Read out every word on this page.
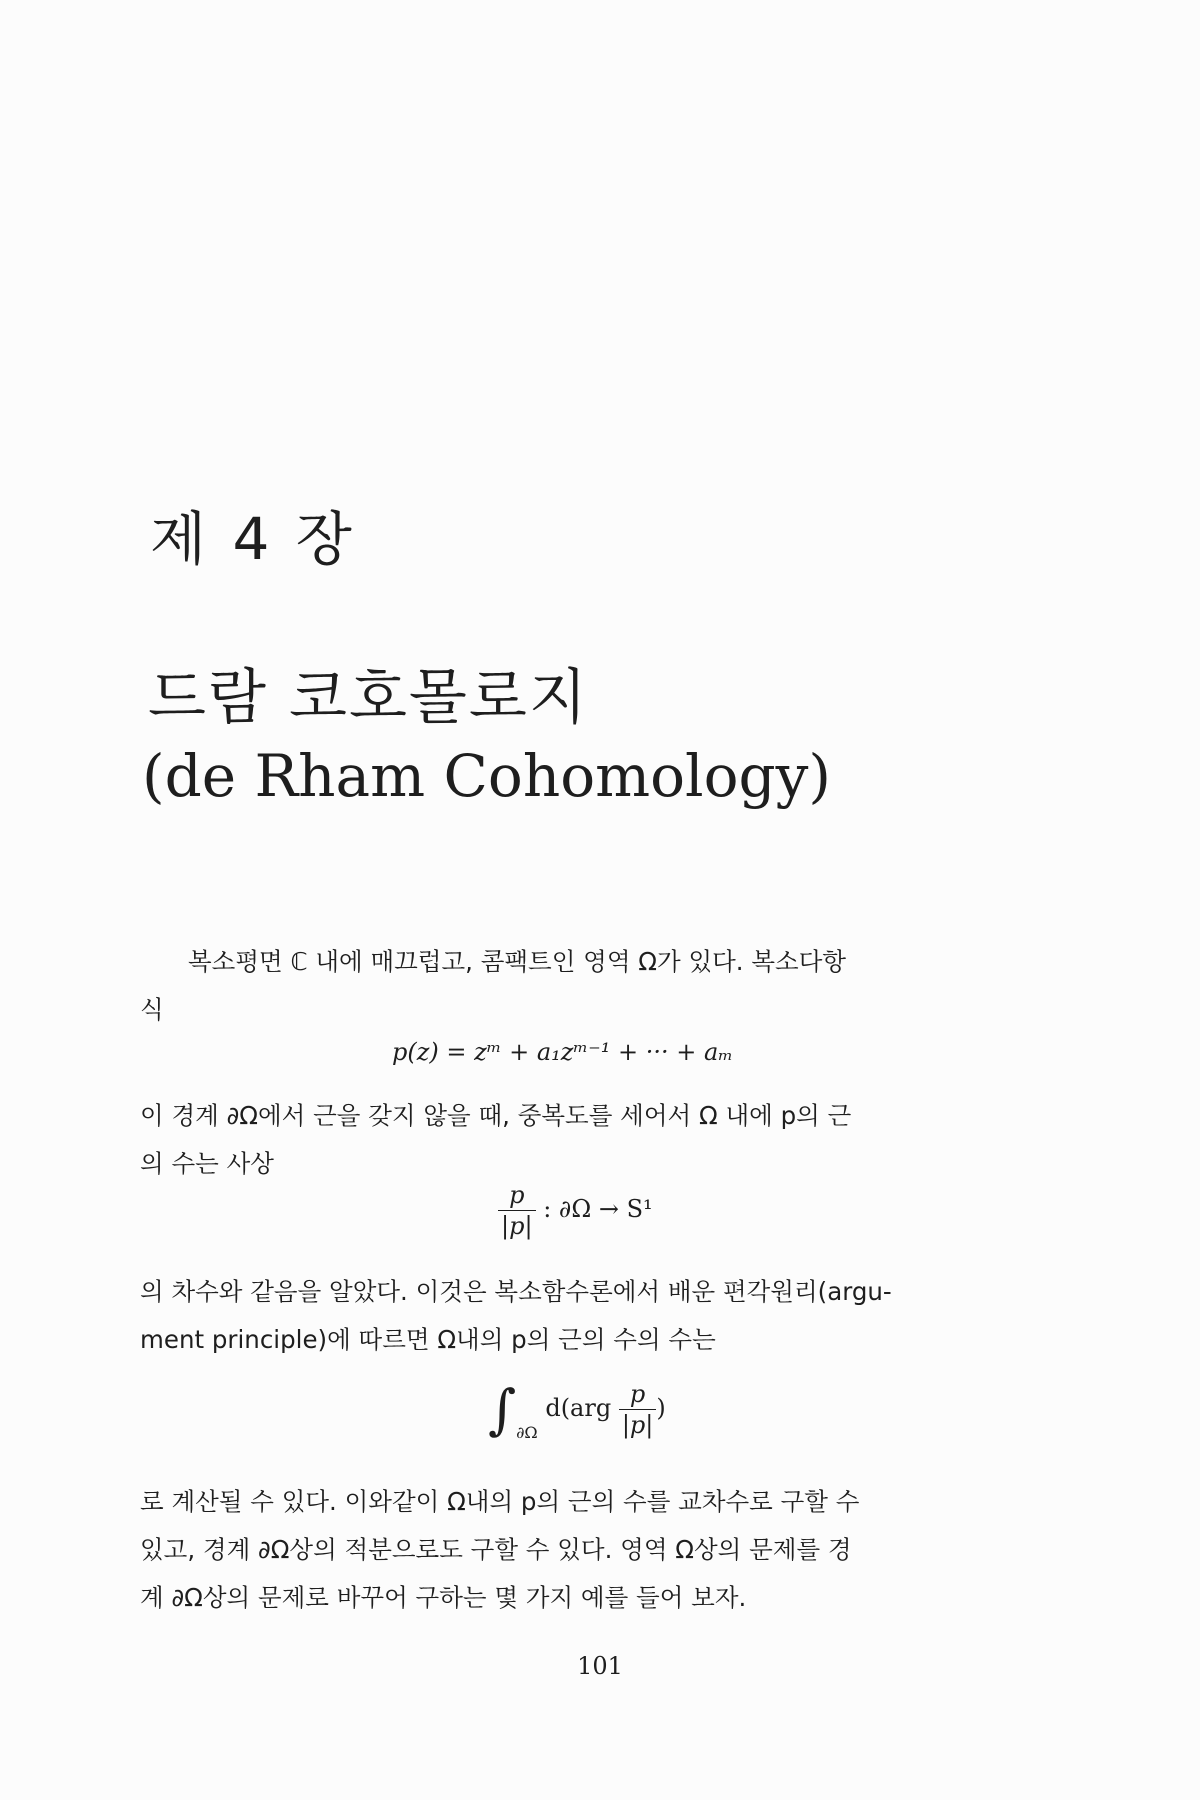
제 4 장
드람 코호몰로지
(de Rham Cohomology)
복소평면 ℂ 내에 매끄럽고, 콤팩트인 영역 Ω가 있다. 복소다항
식
p(z) = zᵐ + a₁zᵐ⁻¹ + ··· + aₘ
이 경계 ∂Ω에서 근을 갖지 않을 때, 중복도를 세어서 Ω 내에 p의 근
의 수는 사상
$\frac{p}{|p|}$ : ∂Ω → S¹
의 차수와 같음을 알았다. 이것은 복소함수론에서 배운 편각원리(argu-
ment principle)에 따르면 Ω내의 p의 근의 수의 수는
$\int_{\partial\Omega}$ $d(arg \frac{p}{|p|}$ )
로 계산될 수 있다. 이와같이 Ω내의 p의 근의 수를 교차수로 구할 수
있고, 경계 ∂Ω상의 적분으로도 구할 수 있다. 영역 Ω상의 문제를 경
계 ∂Ω상의 문제로 바꾸어 구하는 몇 가지 예를 들어 보자.
101
